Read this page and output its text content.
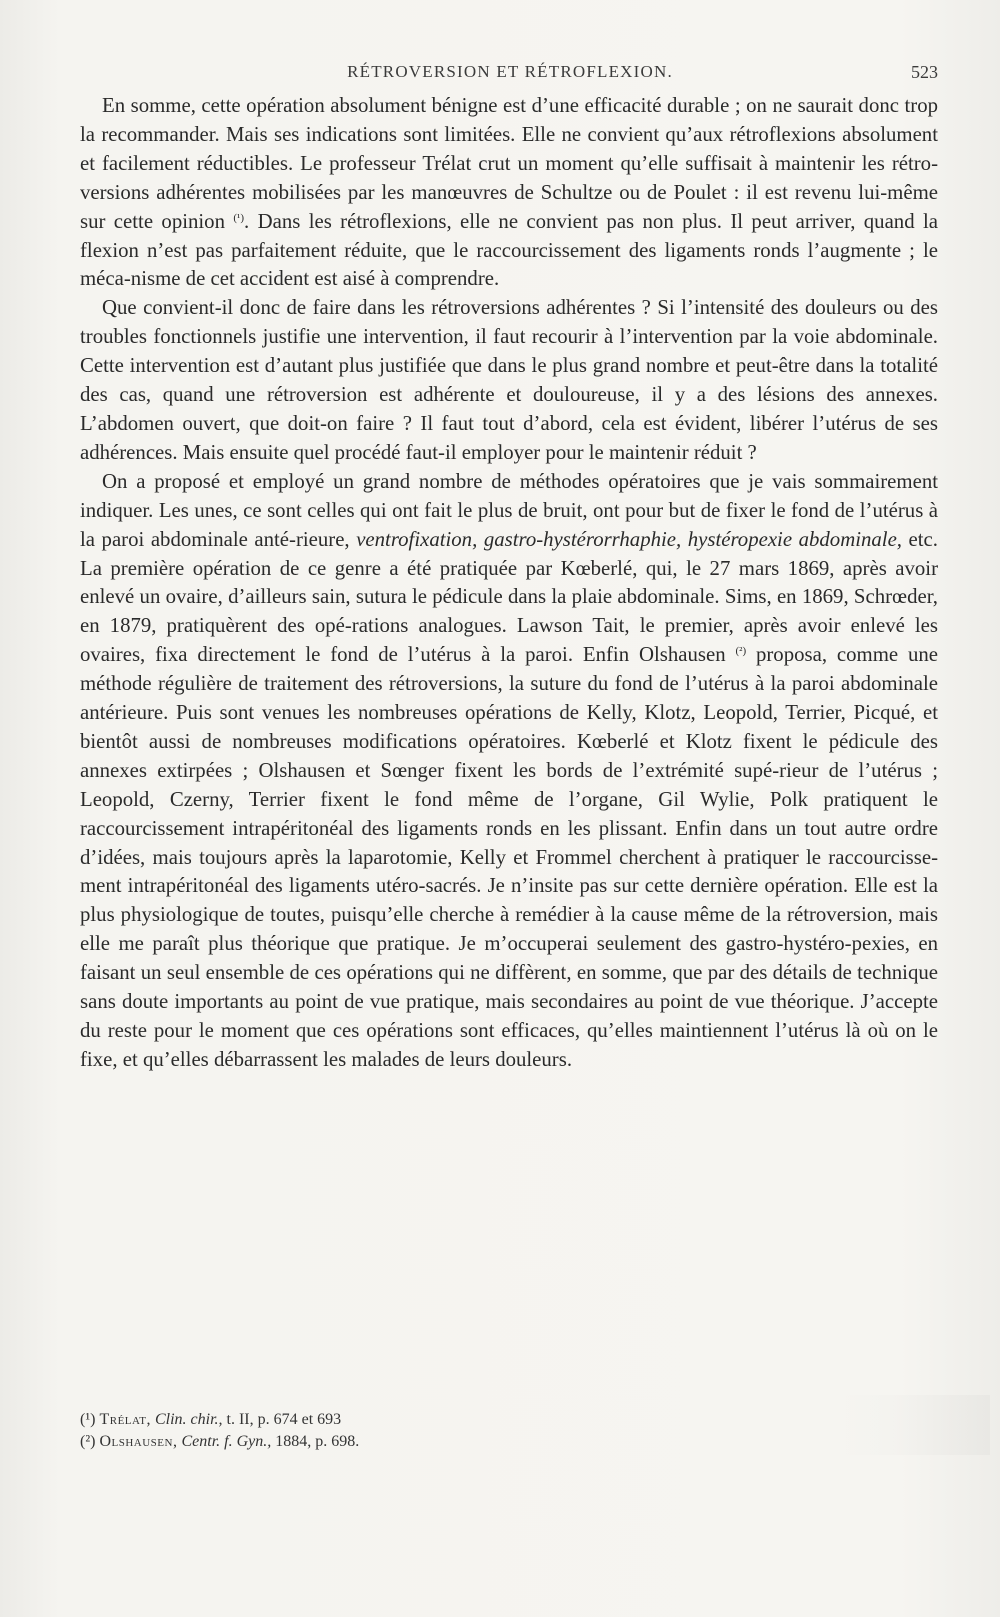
RÉTROVERSION ET RÉTROFLEXION.	523

En somme, cette opération absolument bénigne est d’une efficacité durable ; on ne saurait donc trop la recommander. Mais ses indications sont limitées. Elle ne convient qu’aux rétroflexions absolument et facilement réductibles. Le professeur Trélat crut un moment qu’elle suffisait à maintenir les rétro-versions adhérentes mobilisées par les manœuvres de Schultze ou de Poulet : il est revenu lui-même sur cette opinion $^{(^1)}$. Dans les rétroflexions, elle ne convient pas non plus. Il peut arriver, quand la flexion n’est pas parfaitement réduite, que le raccourcissement des ligaments ronds l’augmente ; le méca-nisme de cet accident est aisé à comprendre.

Que convient-il donc de faire dans les rétroversions adhérentes ? Si l’intensité des douleurs ou des troubles fonctionnels justifie une intervention, il faut recourir à l’intervention par la voie abdominale. Cette intervention est d’autant plus justifiée que dans le plus grand nombre et peut-être dans la totalité des cas, quand une rétroversion est adhérente et douloureuse, il y a des lésions des annexes. L’abdomen ouvert, que doit-on faire ? Il faut tout d’abord, cela est évident, libérer l’utérus de ses adhérences. Mais ensuite quel procédé faut-il employer pour le maintenir réduit ?

On a proposé et employé un grand nombre de méthodes opératoires que je vais sommairement indiquer. Les unes, ce sont celles qui ont fait le plus de bruit, ont pour but de fixer le fond de l’utérus à la paroi abdominale anté-rieure, ventrofixation, gastro-hystérorrhaphie, hystéropexie abdominale, etc. La première opération de ce genre a été pratiquée par Kœberlé, qui, le 27 mars 1869, après avoir enlevé un ovaire, d’ailleurs sain, sutura le pédicule dans la plaie abdominale. Sims, en 1869, Schrœder, en 1879, pratiquèrent des opé-rations analogues. Lawson Tait, le premier, après avoir enlevé les ovaires, fixa directement le fond de l’utérus à la paroi. Enfin Olshausen $^{(^2)}$ proposa, comme une méthode régulière de traitement des rétroversions, la suture du fond de l’utérus à la paroi abdominale antérieure. Puis sont venues les nombreuses opérations de Kelly, Klotz, Leopold, Terrier, Picqué, et bientôt aussi de nombreuses modifications opératoires. Kœberlé et Klotz fixent le pédicule des annexes extirpées ; Olshausen et Sœnger fixent les bords de l’extrémité supé-rieur de l’utérus ; Leopold, Czerny, Terrier fixent le fond même de l’organe, Gil Wylie, Polk pratiquent le raccourcissement intrapéritonéal des ligaments ronds en les plissant. Enfin dans un tout autre ordre d’idées, mais toujours après la laparotomie, Kelly et Frommel cherchent à pratiquer le raccourcisse-ment intrapéritonéal des ligaments utéro-sacrés. Je n’insite pas sur cette dernière opération. Elle est la plus physiologique de toutes, puisqu’elle cherche à remédier à la cause même de la rétroversion, mais elle me paraît plus théorique que pratique. Je m’occuperai seulement des gastro-hystéro-pexies, en faisant un seul ensemble de ces opérations qui ne diffèrent, en somme, que par des détails de technique sans doute importants au point de vue pratique, mais secondaires au point de vue théorique. J’accepte du reste pour le moment que ces opérations sont efficaces, qu’elles maintiennent l’utérus là où on le fixe, et qu’elles débarrassent les malades de leurs douleurs.

(¹) Trélat, Clin. chir., t. II, p. 674 et 693
(²) Olshausen, Centr. f. Gyn., 1884, p. 698.
